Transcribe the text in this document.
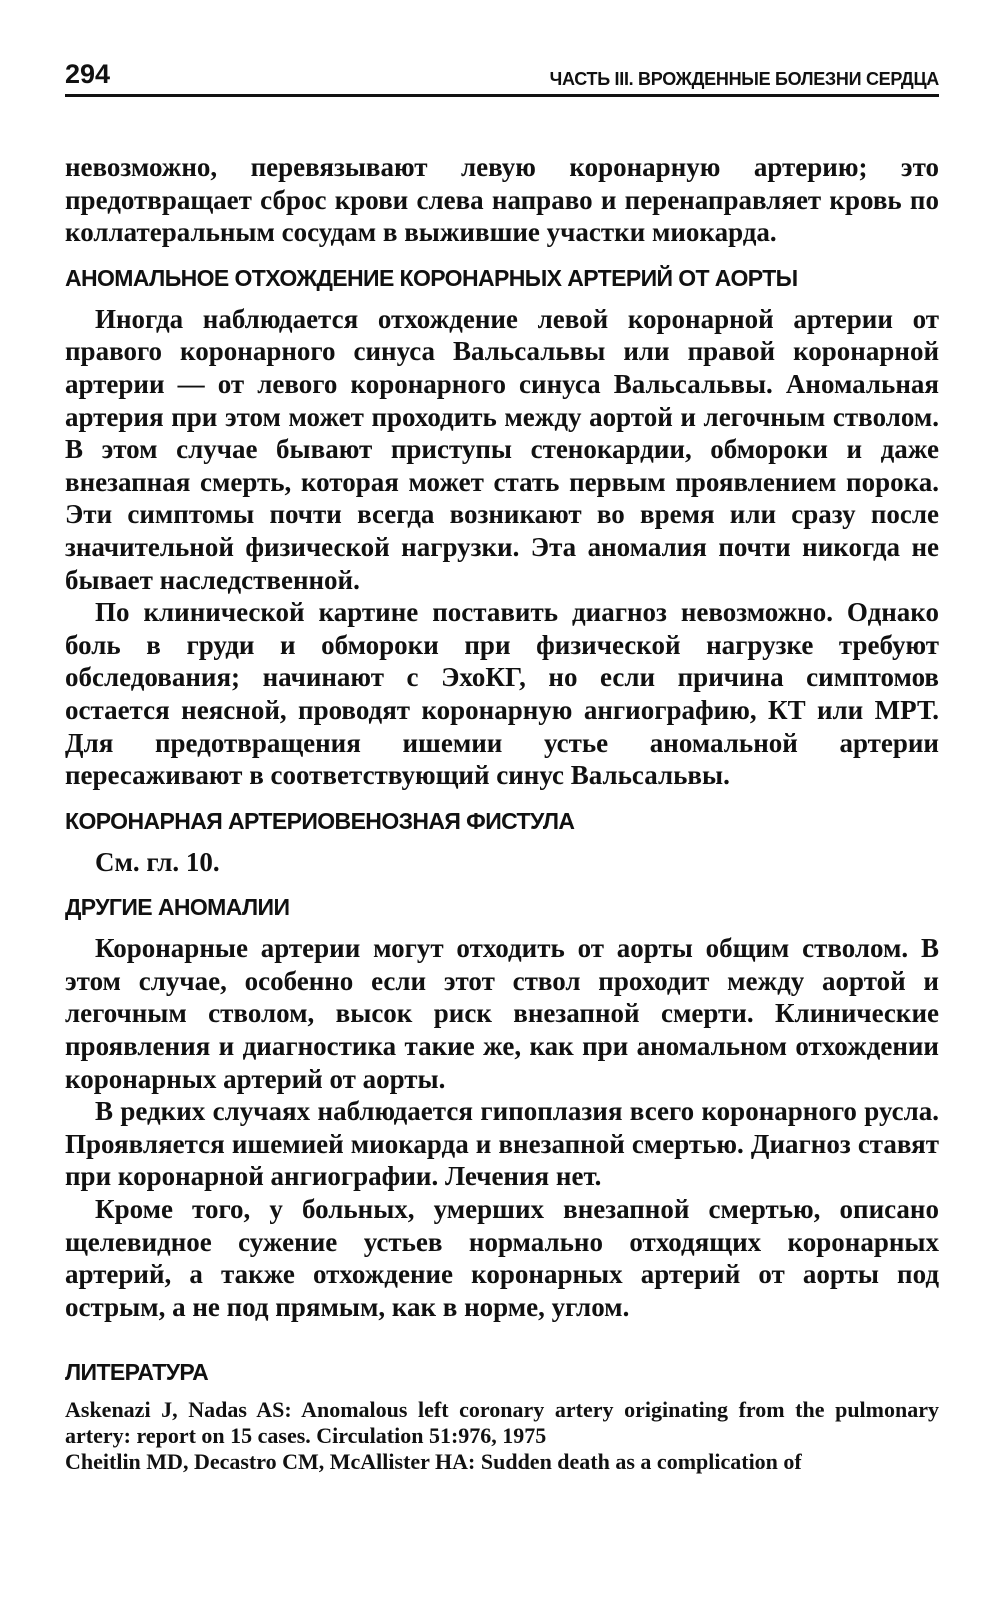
294	ЧАСТЬ III. ВРОЖДЕННЫЕ БОЛЕЗНИ СЕРДЦА

невозможно, перевязывают левую коронарную артерию; это предотвращает сброс крови слева направо и перенаправляет кровь по коллатеральным сосудам в выжившие участки миокарда.

АНОМАЛЬНОЕ ОТХОЖДЕНИЕ КОРОНАРНЫХ АРТЕРИЙ ОТ АОРТЫ

Иногда наблюдается отхождение левой коронарной артерии от правого коронарного синуса Вальсальвы или правой коронарной артерии — от левого коронарного синуса Вальсальвы. Аномальная артерия при этом может проходить между аортой и легочным стволом. В этом случае бывают приступы стенокардии, обмороки и даже внезапная смерть, которая может стать первым проявлением порока. Эти симптомы почти всегда возникают во время или сразу после значительной физической нагрузки. Эта аномалия почти никогда не бывает наследственной.

По клинической картине поставить диагноз невозможно. Однако боль в груди и обмороки при физической нагрузке требуют обследования; начинают с ЭхоКГ, но если причина симптомов остается неясной, проводят коронарную ангиографию, КТ или МРТ. Для предотвращения ишемии устье аномальной артерии пересаживают в соответствующий синус Вальсальвы.

КОРОНАРНАЯ АРТЕРИОВЕНОЗНАЯ ФИСТУЛА

См. гл. 10.

ДРУГИЕ АНОМАЛИИ

Коронарные артерии могут отходить от аорты общим стволом. В этом случае, особенно если этот ствол проходит между аортой и легочным стволом, высок риск внезапной смерти. Клинические проявления и диагностика такие же, как при аномальном отхождении коронарных артерий от аорты.

В редких случаях наблюдается гипоплазия всего коронарного русла. Проявляется ишемией миокарда и внезапной смертью. Диагноз ставят при коронарной ангиографии. Лечения нет.

Кроме того, у больных, умерших внезапной смертью, описано щелевидное сужение устьев нормально отходящих коронарных артерий, а также отхождение коронарных артерий от аорты под острым, а не под прямым, как в норме, углом.

ЛИТЕРАТУРА
Askenazi J, Nadas AS: Anomalous left coronary artery originating from the pulmonary artery: report on 15 cases. Circulation 51:976, 1975
Cheitlin MD, Decastro CM, McAllister HA: Sudden death as a complication of
